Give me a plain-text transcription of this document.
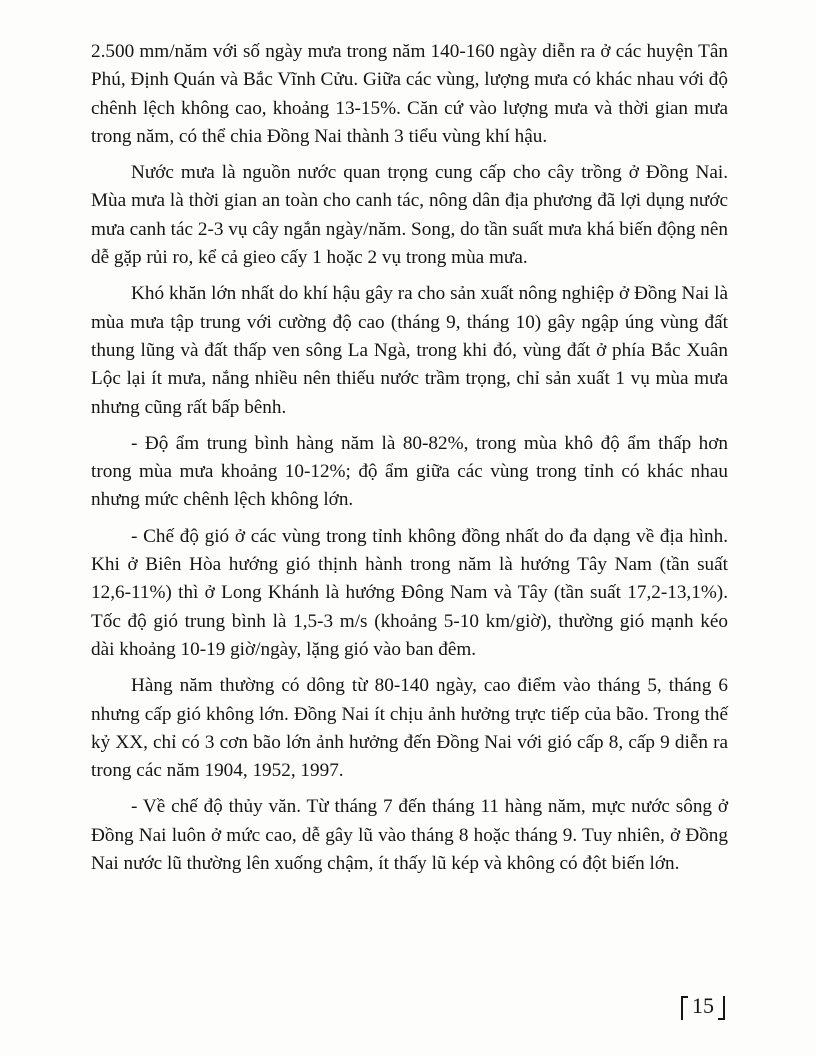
2.500 mm/năm với số ngày mưa trong năm 140-160 ngày diễn ra ở các huyện Tân Phú, Định Quán và Bắc Vĩnh Cửu. Giữa các vùng, lượng mưa có khác nhau với độ chênh lệch không cao, khoảng 13-15%. Căn cứ vào lượng mưa và thời gian mưa trong năm, có thể chia Đồng Nai thành 3 tiểu vùng khí hậu.

Nước mưa là nguồn nước quan trọng cung cấp cho cây trồng ở Đồng Nai. Mùa mưa là thời gian an toàn cho canh tác, nông dân địa phương đã lợi dụng nước mưa canh tác 2-3 vụ cây ngắn ngày/năm. Song, do tần suất mưa khá biến động nên dễ gặp rủi ro, kể cả gieo cấy 1 hoặc 2 vụ trong mùa mưa.

Khó khăn lớn nhất do khí hậu gây ra cho sản xuất nông nghiệp ở Đồng Nai là mùa mưa tập trung với cường độ cao (tháng 9, tháng 10) gây ngập úng vùng đất thung lũng và đất thấp ven sông La Ngà, trong khi đó, vùng đất ở phía Bắc Xuân Lộc lại ít mưa, nắng nhiều nên thiếu nước trầm trọng, chỉ sản xuất 1 vụ mùa mưa nhưng cũng rất bấp bênh.

- Độ ẩm trung bình hàng năm là 80-82%, trong mùa khô độ ẩm thấp hơn trong mùa mưa khoảng 10-12%; độ ẩm giữa các vùng trong tỉnh có khác nhau nhưng mức chênh lệch không lớn.

- Chế độ gió ở các vùng trong tỉnh không đồng nhất do đa dạng về địa hình. Khi ở Biên Hòa hướng gió thịnh hành trong năm là hướng Tây Nam (tần suất 12,6-11%) thì ở Long Khánh là hướng Đông Nam và Tây (tần suất 17,2-13,1%). Tốc độ gió trung bình là 1,5-3 m/s (khoảng 5-10 km/giờ), thường gió mạnh kéo dài khoảng 10-19 giờ/ngày, lặng gió vào ban đêm.

Hàng năm thường có dông từ 80-140 ngày, cao điểm vào tháng 5, tháng 6 nhưng cấp gió không lớn. Đồng Nai ít chịu ảnh hưởng trực tiếp của bão. Trong thế kỷ XX, chỉ có 3 cơn bão lớn ảnh hưởng đến Đồng Nai với gió cấp 8, cấp 9 diễn ra trong các năm 1904, 1952, 1997.

- Về chế độ thủy văn. Từ tháng 7 đến tháng 11 hàng năm, mực nước sông ở Đồng Nai luôn ở mức cao, dễ gây lũ vào tháng 8 hoặc tháng 9. Tuy nhiên, ở Đồng Nai nước lũ thường lên xuống chậm, ít thấy lũ kép và không có đột biến lớn.

15
